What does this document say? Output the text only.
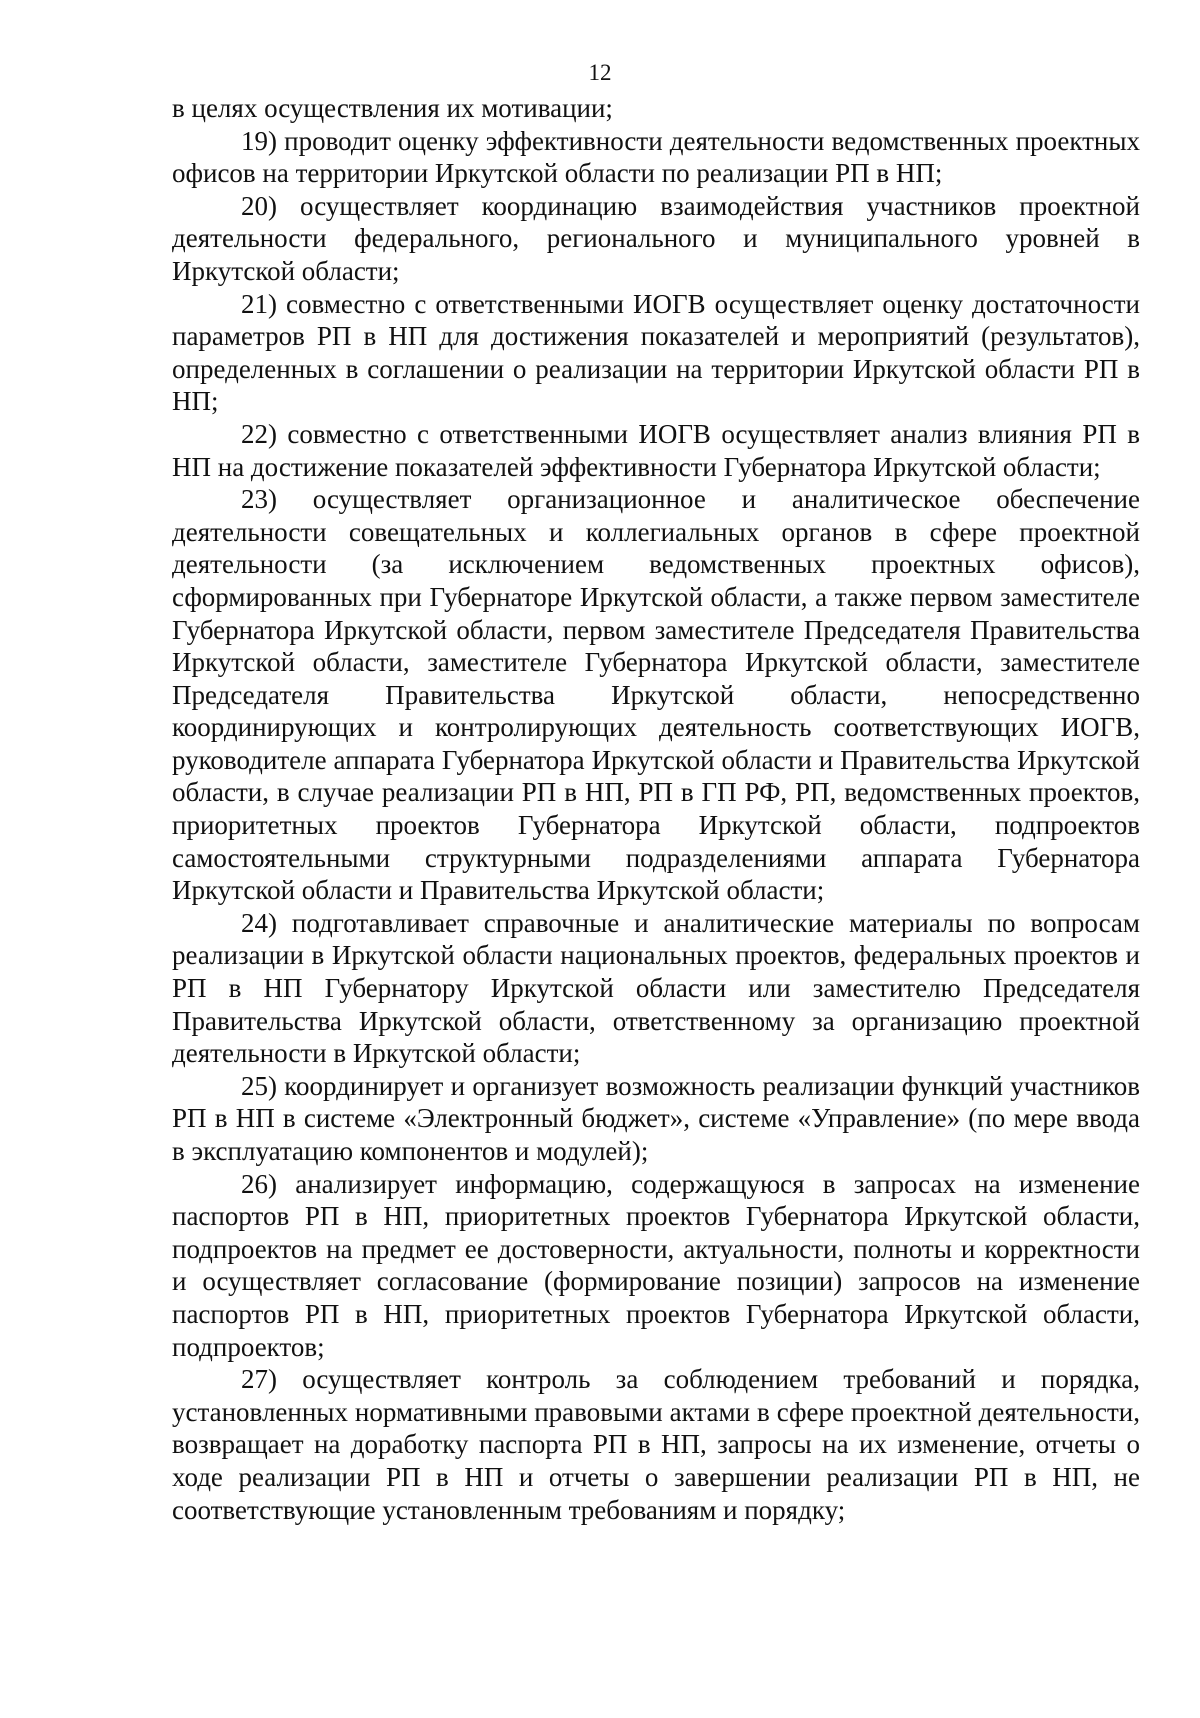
12

в целях осуществления их мотивации;

19) проводит оценку эффективности деятельности ведомственных проектных офисов на территории Иркутской области по реализации РП в НП;

20) осуществляет координацию взаимодействия участников проектной деятельности федерального, регионального и муниципального уровней в Иркутской области;

21) совместно с ответственными ИОГВ осуществляет оценку достаточности параметров РП в НП для достижения показателей и мероприятий (результатов), определенных в соглашении о реализации на территории Иркутской области РП в НП;

22) совместно с ответственными ИОГВ осуществляет анализ влияния РП в НП на достижение показателей эффективности Губернатора Иркутской области;

23) осуществляет организационное и аналитическое обеспечение деятельности совещательных и коллегиальных органов в сфере проектной деятельности (за исключением ведомственных проектных офисов), сформированных при Губернаторе Иркутской области, а также первом заместителе Губернатора Иркутской области, первом заместителе Председателя Правительства Иркутской области, заместителе Губернатора Иркутской области, заместителе Председателя Правительства Иркутской области, непосредственно координирующих и контролирующих деятельность соответствующих ИОГВ, руководителе аппарата Губернатора Иркутской области и Правительства Иркутской области, в случае реализации РП в НП, РП в ГП РФ, РП, ведомственных проектов, приоритетных проектов Губернатора Иркутской области, подпроектов самостоятельными структурными подразделениями аппарата Губернатора Иркутской области и Правительства Иркутской области;

24) подготавливает справочные и аналитические материалы по вопросам реализации в Иркутской области национальных проектов, федеральных проектов и РП в НП Губернатору Иркутской области или заместителю Председателя Правительства Иркутской области, ответственному за организацию проектной деятельности в Иркутской области;

25) координирует и организует возможность реализации функций участников РП в НП в системе «Электронный бюджет», системе «Управление» (по мере ввода в эксплуатацию компонентов и модулей);

26) анализирует информацию, содержащуюся в запросах на изменение паспортов РП в НП, приоритетных проектов Губернатора Иркутской области, подпроектов на предмет ее достоверности, актуальности, полноты и корректности и осуществляет согласование (формирование позиции) запросов на изменение паспортов РП в НП, приоритетных проектов Губернатора Иркутской области, подпроектов;

27) осуществляет контроль за соблюдением требований и порядка, установленных нормативными правовыми актами в сфере проектной деятельности, возвращает на доработку паспорта РП в НП, запросы на их изменение, отчеты о ходе реализации РП в НП и отчеты о завершении реализации РП в НП, не соответствующие установленным требованиям и порядку;
